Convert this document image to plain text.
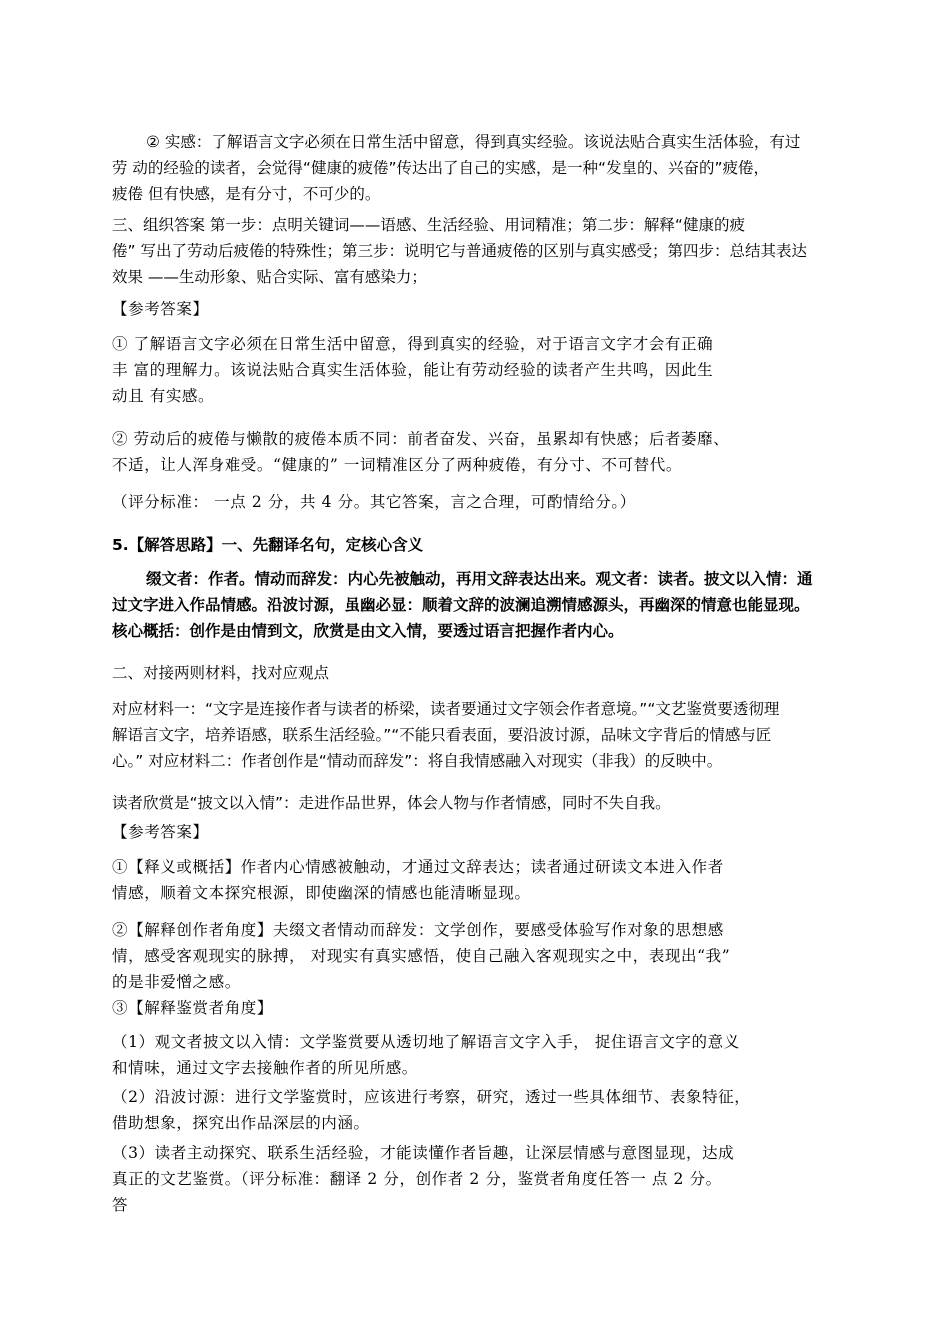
② 实感：了解语言文字必须在日常生活中留意，得到真实经验。该说法贴合真实生活体验，有过
劳 动的经验的读者，会觉得“健康的疲倦”传达出了自己的实感，是一种“发皇的、兴奋的”疲倦，
疲倦 但有快感，是有分寸，不可少的。
三、组织答案 第一步：点明关键词——语感、生活经验、用词精准；第二步：解释“健康的疲
倦” 写出了劳动后疲倦的特殊性；第三步：说明它与普通疲倦的区别与真实感受；第四步：总结其表达
效果 ——生动形象、贴合实际、富有感染力；
【参考答案】
① 了解语言文字必须在日常生活中留意，得到真实的经验，对于语言文字才会有正确
丰 富的理解力。该说法贴合真实生活体验，能让有劳动经验的读者产生共鸣，因此生
动且 有实感。
② 劳动后的疲倦与懒散的疲倦本质不同：前者奋发、兴奋，虽累却有快感；后者萎靡、
不适，让人浑身难受。“健康的” 一词精准区分了两种疲倦，有分寸、不可替代。
（评分标准： 一点 2 分，共 4 分。其它答案，言之合理，可酌情给分。）
5.【解答思路】一、先翻译名句，定核心含义
缀文者：作者。情动而辞发：内心先被触动，再用文辞表达出来。观文者：读者。披文以入情：通
过文字进入作品情感。沿波讨源，虽幽必显：顺着文辞的波澜追溯情感源头，再幽深的情意也能显现。
核心概括：创作是由情到文，欣赏是由文入情，要透过语言把握作者内心。
二、对接两则材料，找对应观点
对应材料一：“文字是连接作者与读者的桥梁，读者要通过文字领会作者意境。”“文艺鉴赏要透彻理
解语言文字，培养语感，联系生活经验。”“不能只看表面，要沿波讨源，品味文字背后的情感与匠
心。” 对应材料二：作者创作是“情动而辞发”：将自我情感融入对现实（非我）的反映中。
读者欣赏是“披文以入情”：走进作品世界，体会人物与作者情感，同时不失自我。
【参考答案】
①【释义或概括】作者内心情感被触动，才通过文辞表达；读者通过研读文本进入作者
情感，顺着文本探究根源，即使幽深的情感也能清晰显现。
②【解释创作者角度】夫缀文者情动而辞发：文学创作，要感受体验写作对象的思想感
情，感受客观现实的脉搏， 对现实有真实感悟，使自己融入客观现实之中，表现出“我”
的是非爱憎之感。
③【解释鉴赏者角度】
（1）观文者披文以入情：文学鉴赏要从透切地了解语言文字入手， 捉住语言文字的意义
和情味，通过文字去接触作者的所见所感。
（2）沿波讨源：进行文学鉴赏时，应该进行考察，研究，透过一些具体细节、表象特征，
借助想象，探究出作品深层的内涵。
（3）读者主动探究、联系生活经验，才能读懂作者旨趣，让深层情感与意图显现，达成
真正的文艺鉴赏。（评分标准：翻译 2 分，创作者 2 分，鉴赏者角度任答一 点 2 分。
答
